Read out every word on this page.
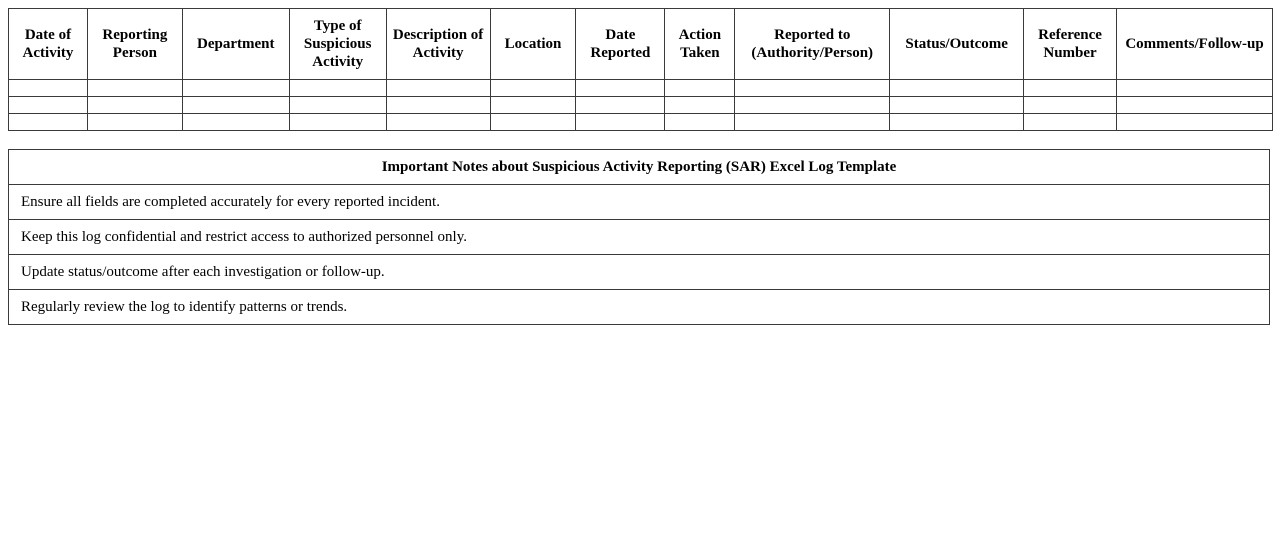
Date of Activity	Reporting Person	Department	Type of Suspicious Activity	Description of Activity	Location	Date Reported	Action Taken	Reported to (Authority/Person)	Status/Outcome	Reference Number	Comments/Follow-up

Important Notes about Suspicious Activity Reporting (SAR) Excel Log Template
Ensure all fields are completed accurately for every reported incident.
Keep this log confidential and restrict access to authorized personnel only.
Update status/outcome after each investigation or follow-up.
Regularly review the log to identify patterns or trends.
